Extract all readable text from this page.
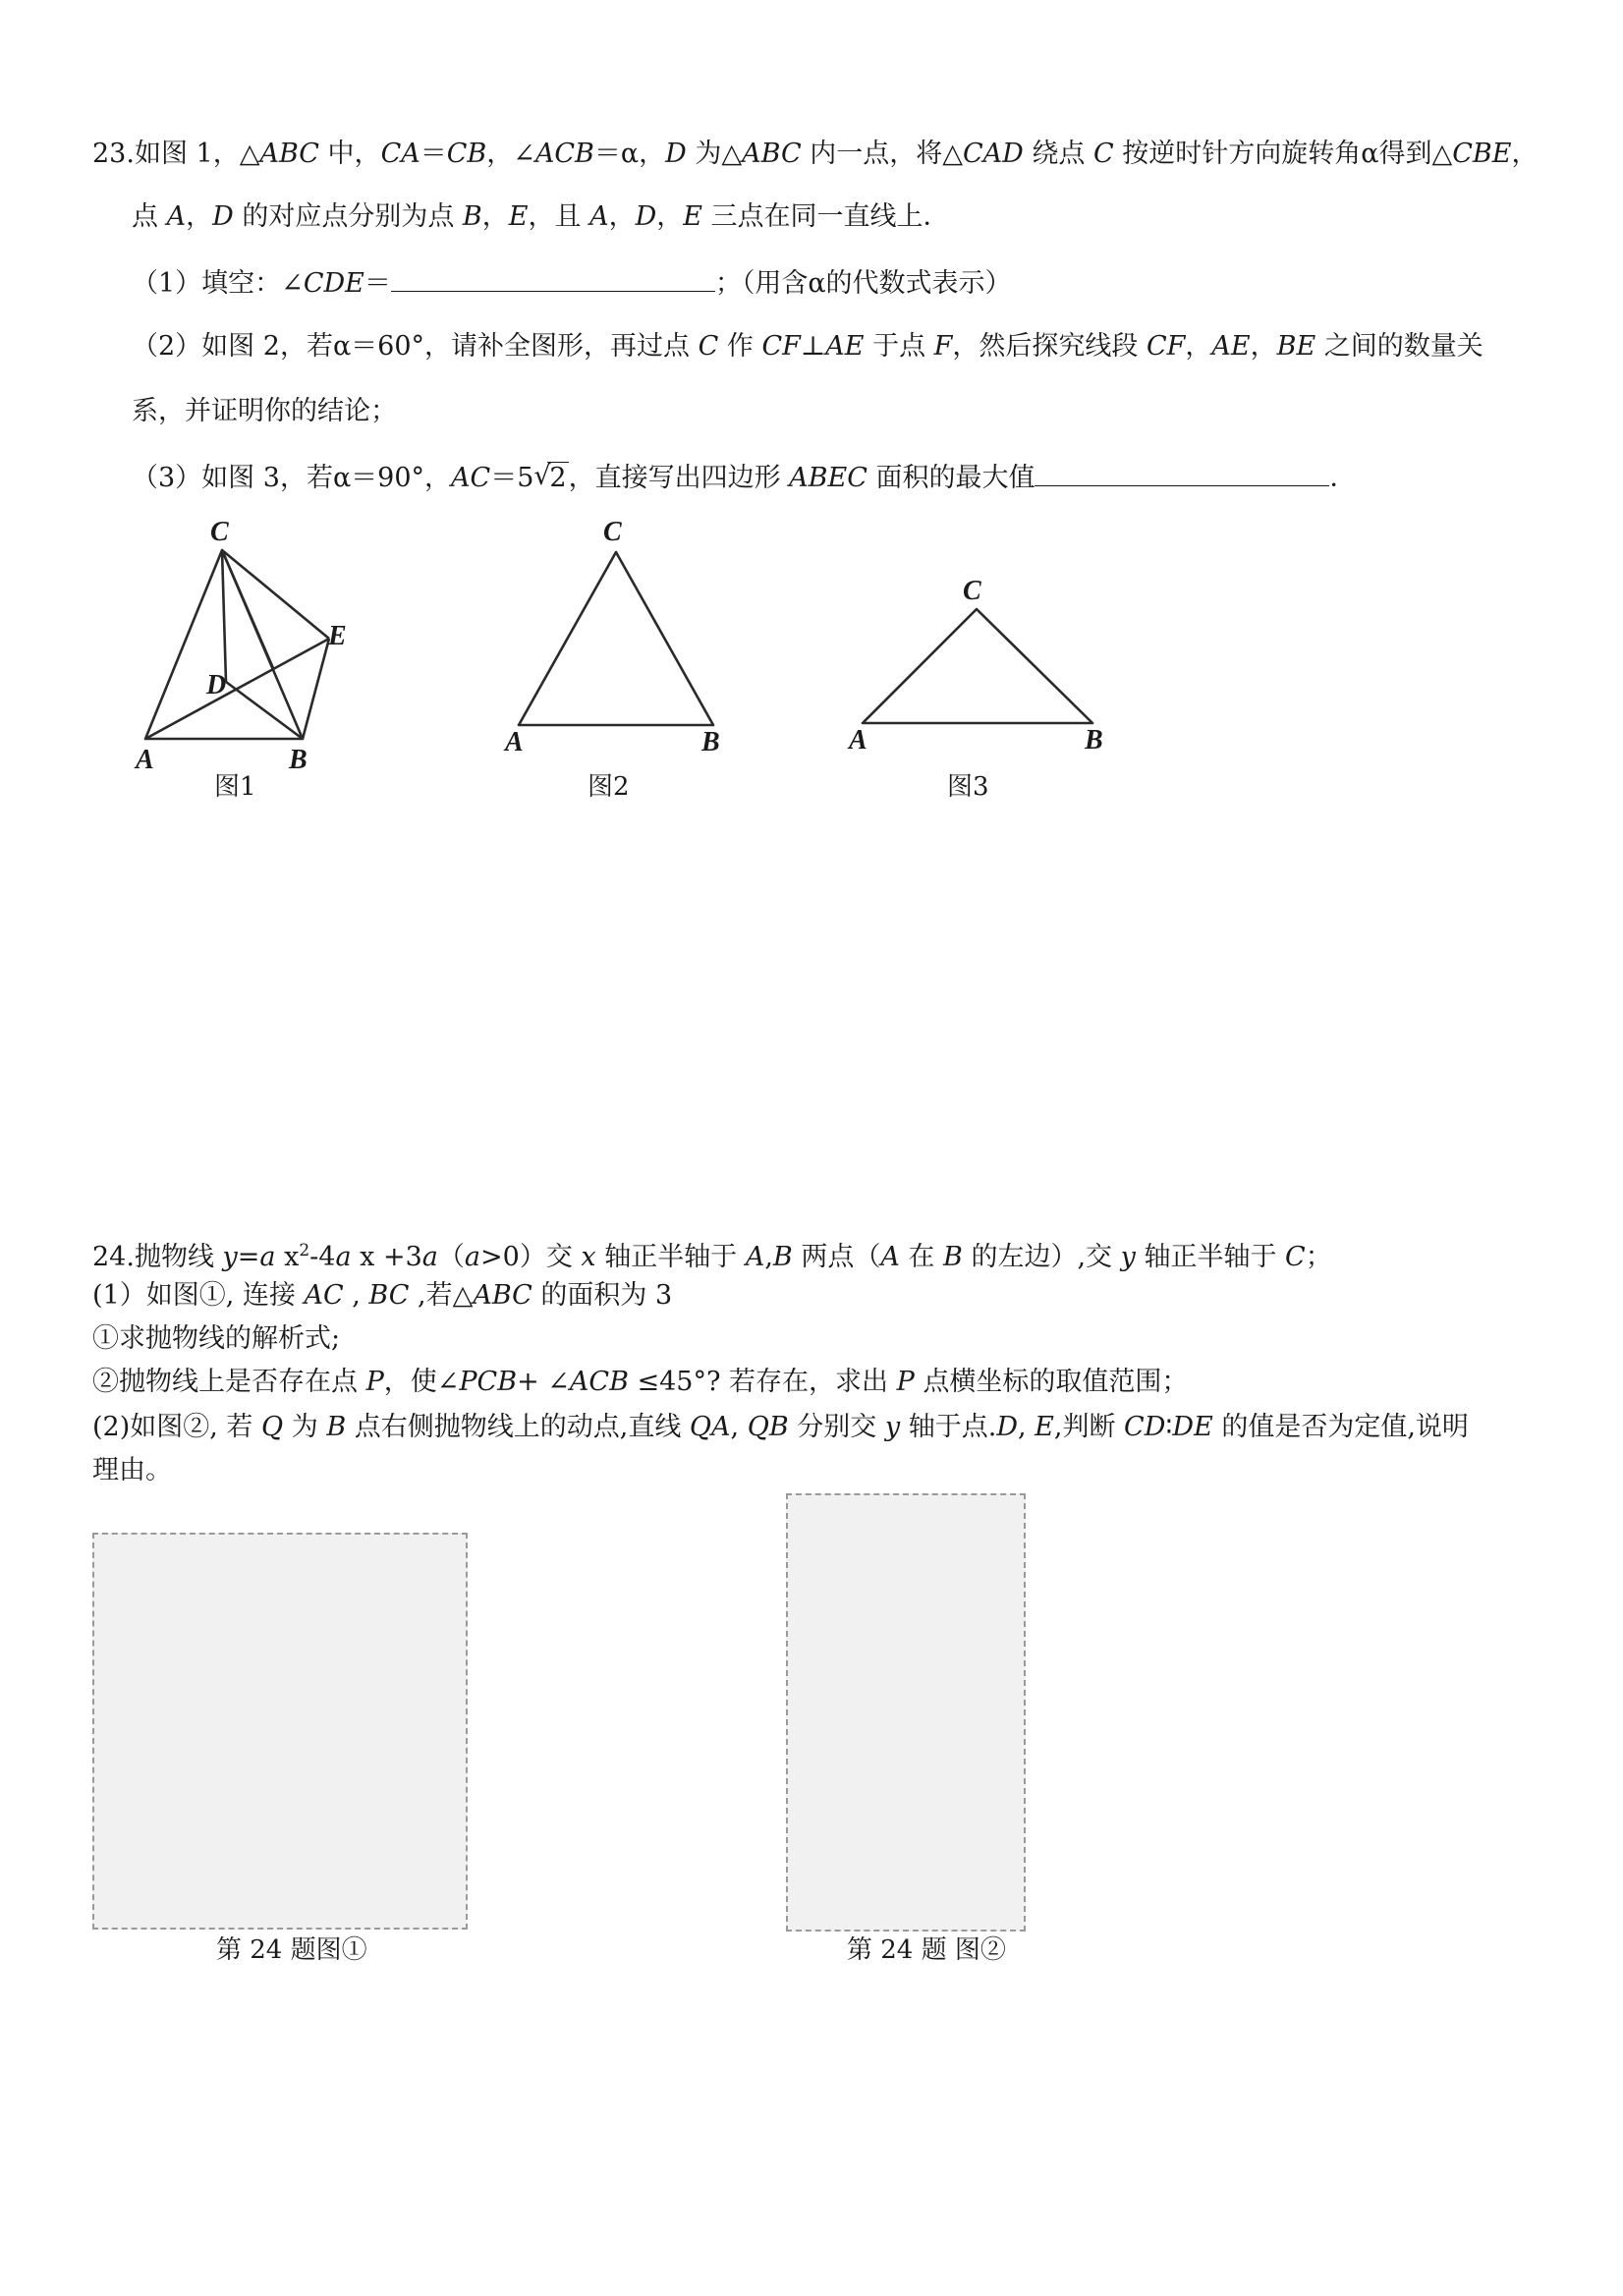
23.如图 1，△ABC 中，CA＝CB，∠ACB＝α，D 为△ABC 内一点，将△CAD 绕点 C 按逆时针方向旋转角α得到△CBE，
点 A，D 的对应点分别为点 B，E，且 A，D，E 三点在同一直线上．
（1）填空：∠CDE＝	；（用含α的代数式表示）
（2）如图 2，若α＝60°，请补全图形，再过点 C 作 CF⊥AE 于点 F，然后探究线段 CF，AE，BE 之间的数量关
系，并证明你的结论；
（3）如图 3，若α＝90°，AC＝5 √
2，直接写出四边形 ABEC 面积的最大值	．
C
D
E
A	B
图1
C
A	B
图2
C
A	B
图3
24.抛物线 y=a $x^2-4a$ x +3a（a>0）交 x 轴正半轴于 A,B 两点（A 在 B 的左边）,交 y 轴正半轴于 C；
(1）如图①, 连接 AC , BC ,若△ABC 的面积为 3
①求抛物线的解析式;
②抛物线上是否存在点 P，使∠PCB+ ∠ACB ≤45°? 若存在，求出 P 点横坐标的取值范围；
(2)如图②, 若 Q 为 B 点右侧抛物线上的动点,直线 QA, QB 分别交 y 轴于点.D, E,判断 CD∶DE 的值是否为定值,说明
理由。
第 24 题图①	第 24 题 图②
